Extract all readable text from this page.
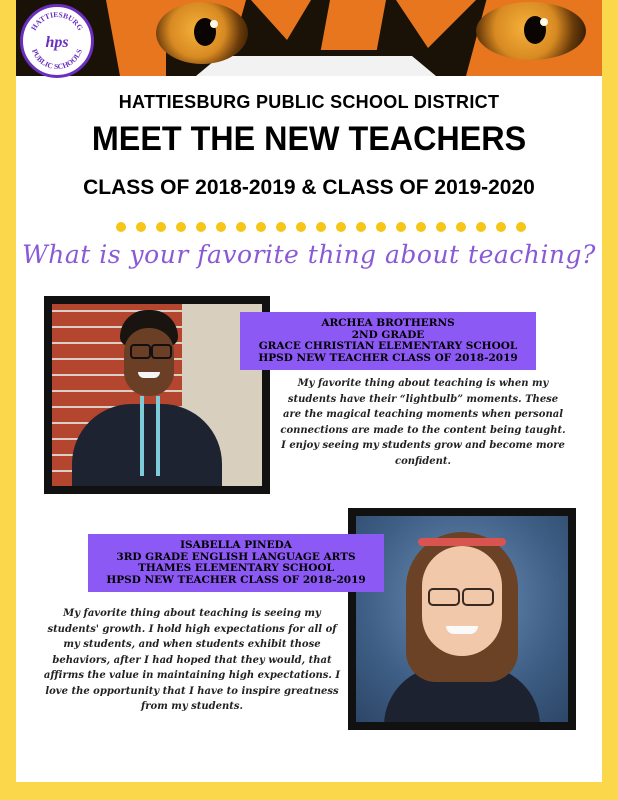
HATTIESBURG
PUBLIC SCHOOLS
hps
HATTIESBURG PUBLIC SCHOOL DISTRICT
MEET THE NEW TEACHERS
CLASS OF 2018-2019 & CLASS OF 2019-2020
What is your favorite thing about teaching?
ARCHEA BROTHERNS
2ND GRADE
GRACE CHRISTIAN ELEMENTARY SCHOOL
HPSD NEW TEACHER CLASS OF 2018-2019
My favorite thing about teaching is when my students have their “lightbulb” moments. These are the magical teaching moments when personal connections are made to the content being taught. I enjoy seeing my students grow and become more confident.
ISABELLA PINEDA
3RD GRADE ENGLISH LANGUAGE ARTS
THAMES ELEMENTARY SCHOOL
HPSD NEW TEACHER CLASS OF 2018-2019
My favorite thing about teaching is seeing my students' growth. I hold high expectations for all of my students, and when students exhibit those behaviors, after I had hoped that they would, that affirms the value in maintaining high expectations. I love the opportunity that I have to inspire greatness from my students.
